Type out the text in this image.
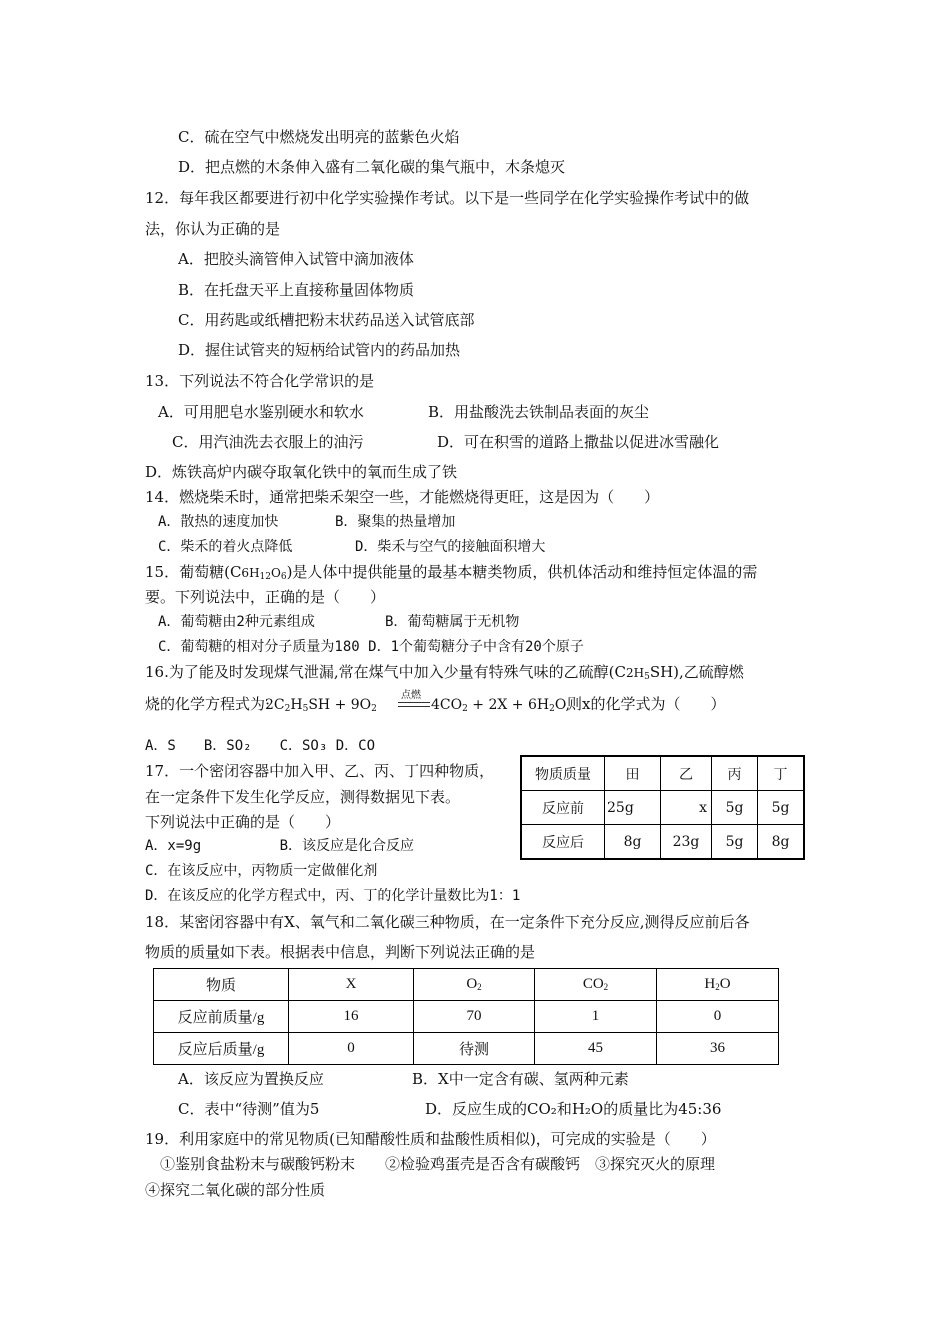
C．硫在空气中燃烧发出明亮的蓝紫色火焰
D．把点燃的木条伸入盛有二氧化碳的集气瓶中，木条熄灭
12．每年我区都要进行初中化学实验操作考试。以下是一些同学在化学实验操作考试中的做
法，你认为正确的是
A．把胶头滴管伸入试管中滴加液体
B．在托盘天平上直接称量固体物质
C．用药匙或纸槽把粉末状药品送入试管底部
D．握住试管夹的短柄给试管内的药品加热
13．下列说法不符合化学常识的是
A．可用肥皂水鉴别硬水和软水	B．用盐酸洗去铁制品表面的灰尘
C．用汽油洗去衣服上的油污	D．可在积雪的道路上撒盐以促进冰雪融化
D．炼铁高炉内碳夺取氧化铁中的氧而生成了铁
14．燃烧柴禾时，通常把柴禾架空一些，才能燃烧得更旺，这是因为（　　）
A．散热的速度加快	B．聚集的热量增加
C．柴禾的着火点降低	D．柴禾与空气的接触面积增大
15．葡萄糖$(C6H_{12}O_6)$是人体中提供能量的最基本糖类物质，供机体活动和维持恒定体温的需
要。下列说法中，正确的是（　　）
A．葡萄糖由2种元素组成	B．葡萄糖属于无机物
C．葡萄糖的相对分子质量为180 D．1个葡萄糖分子中含有20个原子
16.为了能及时发现煤气泄漏,常在煤气中加入少量有特殊气味的乙硫醇$(C2H_5SH)$,乙硫醇燃
烧的化学方程式为:
$2C_2H_5SH + 9O_2$
点燃
$4CO_2 + 2X + 6H_2O$,
则x的化学式为（　　）
A．S　　B．SO₂　　C．SO₃ D．CO
17．一个密闭容器中加入甲、乙、丙、丁四种物质，
在一定条件下发生化学反应，测得数据见下表。
下列说法中正确的是（　　）
A．x=9g　　　　　 B．该反应是化合反应
C．在该反应中，丙物质一定做催化剂
D．在该反应的化学方程式中，丙、丁的化学计量数比为1：1
物质质量	田	乙	丙	丁
反应前	25g	x	5g	5g
反应后	8g	23g	5g	8g
18．某密闭容器中有X、氧气和二氧化碳三种物质，在一定条件下充分反应,测得反应前后各
物质的质量如下表。根据表中信息，判断下列说法正确的是
物质	X	$O_2$	$CO_2$	$H_2O$
反应前质量/g	16	70	1	0
反应后质量/g	0	待测	45	36
A．该反应为置换反应	B．X中一定含有碳、氢两种元素
C．表中“待测”值为5	D．反应生成的CO₂和H₂O的质量比为45:36
19．利用家庭中的常见物质(已知醋酸性质和盐酸性质相似)，可完成的实验是（　　）
①鉴别食盐粉末与碳酸钙粉末　　②检验鸡蛋壳是否含有碳酸钙　③探究灭火的原理
④探究二氧化碳的部分性质
